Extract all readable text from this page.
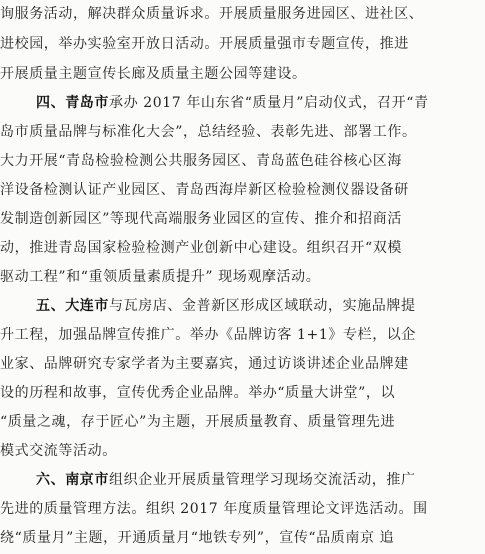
询服务活动，解决群众质量诉求。开展质量服务进园区、进社区、
进校园，举办实验室开放日活动。开展质量强市专题宣传，推进
开展质量主题宣传长廊及质量主题公园等建设。
四、青岛市承办 2017 年山东省“质量月”启动仪式，召开“青
岛市质量品牌与标准化大会”，总结经验、表彰先进、部署工作。
大力开展“青岛检验检测公共服务园区、青岛蓝色硅谷核心区海
洋设备检测认证产业园区、青岛西海岸新区检验检测仪器设备研
发制造创新园区”等现代高端服务业园区的宣传、推介和招商活
动，推进青岛国家检验检测产业创新中心建设。组织召开“双模
驱动工程”和“重领质量素质提升” 现场观摩活动。
五、大连市与瓦房店、金普新区形成区域联动，实施品牌提
升工程，加强品牌宣传推广。举办《品牌访客 1+1》专栏，以企
业家、品牌研究专家学者为主要嘉宾，通过访谈讲述企业品牌建
设的历程和故事，宣传优秀企业品牌。举办“质量大讲堂”，以
“质量之魂，存于匠心”为主题，开展质量教育、质量管理先进
模式交流等活动。
六、南京市组织企业开展质量管理学习现场交流活动，推广
先进的质量管理方法。组织 2017 年度质量管理论文评选活动。围
绕“质量月”主题，开通质量月“地铁专列”，宣传“品质南京 追
